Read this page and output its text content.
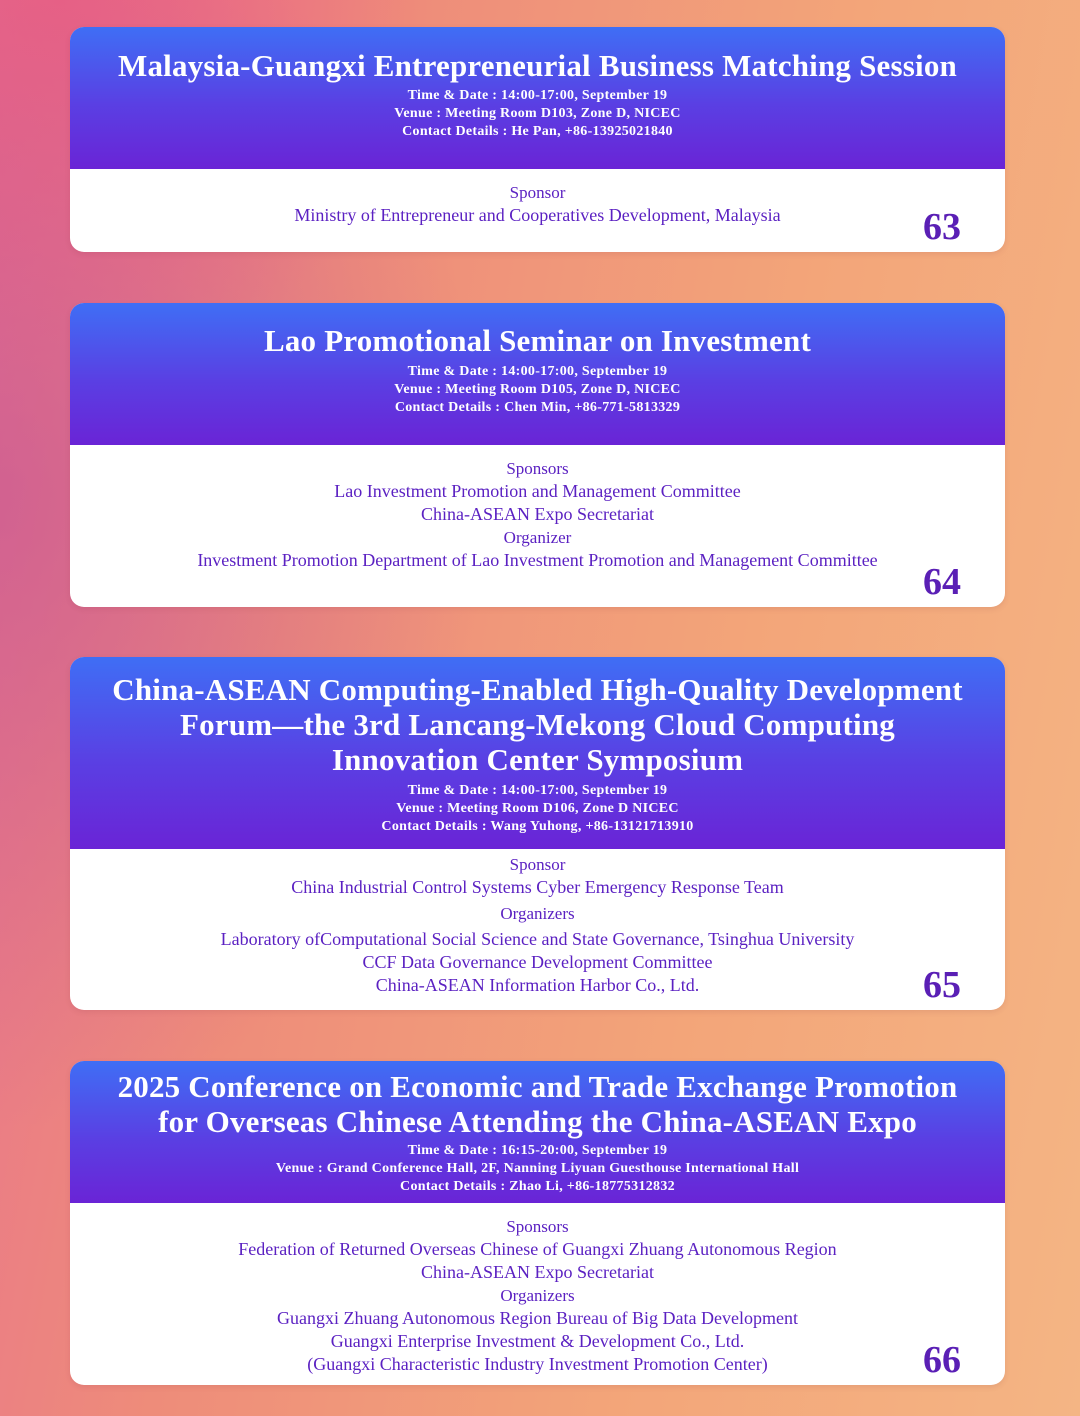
Malaysia-Guangxi Entrepreneurial Business Matching Session
Time & Date : 14:00-17:00, September 19
Venue : Meeting Room D103, Zone D, NICEC
Contact Details : He Pan, +86-13925021840
Sponsor
Ministry of Entrepreneur and Cooperatives Development, Malaysia	63
Lao Promotional Seminar on Investment
Time & Date : 14:00-17:00, September 19
Venue : Meeting Room D105, Zone D, NICEC
Contact Details : Chen Min, +86-771-5813329
Sponsors
Lao Investment Promotion and Management Committee
China-ASEAN Expo Secretariat
Organizer
Investment Promotion Department of Lao Investment Promotion and Management Committee
64
China-ASEAN Computing-Enabled High-Quality Development
Forum—the 3rd Lancang-Mekong Cloud Computing
Innovation Center Symposium
Time & Date : 14:00-17:00, September 19
Venue : Meeting Room D106, Zone D NICEC
Contact Details : Wang Yuhong, +86-13121713910
Sponsor
China Industrial Control Systems Cyber Emergency Response Team
Organizers
Laboratory ofComputational Social Science and State Governance, Tsinghua University
CCF Data Governance Development Committee
China-ASEAN Information Harbor Co., Ltd.	65
2025 Conference on Economic and Trade Exchange Promotion
for Overseas Chinese Attending the China-ASEAN Expo
Time & Date : 16:15-20:00, September 19
Venue : Grand Conference Hall, 2F, Nanning Liyuan Guesthouse International Hall
Contact Details : Zhao Li, +86-18775312832
Sponsors
Federation of Returned Overseas Chinese of Guangxi Zhuang Autonomous Region
China-ASEAN Expo Secretariat
Organizers
Guangxi Zhuang Autonomous Region Bureau of Big Data Development
Guangxi Enterprise Investment & Development Co., Ltd.
(Guangxi Characteristic Industry Investment Promotion Center)	66
